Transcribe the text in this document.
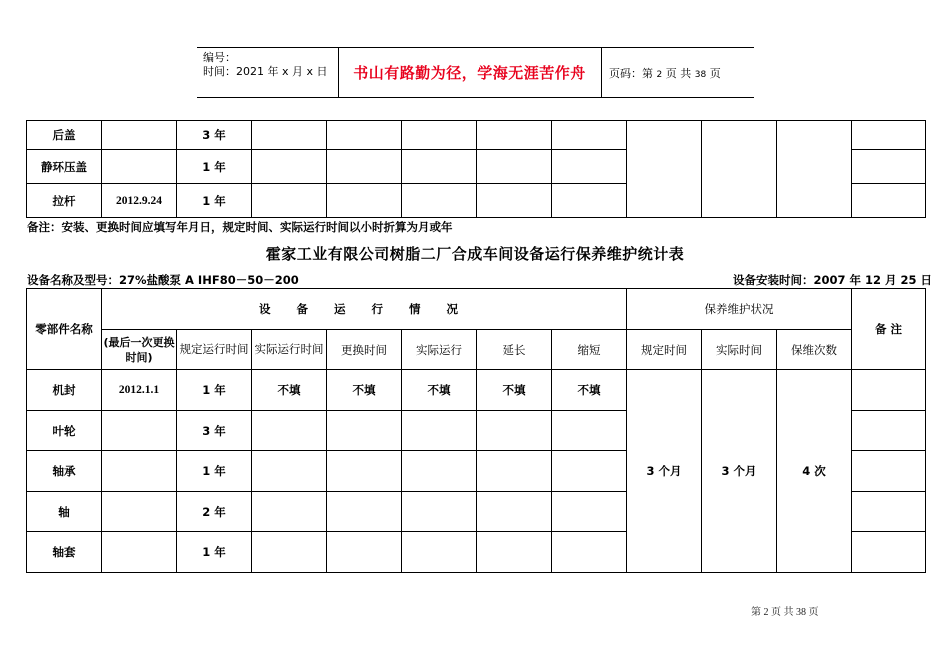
编号：
时间：2021 年 x 月 x 日 书山有路勤为径，学海无涯苦作舟	页码：第 2 页 共 38 页
后盖		3 年									
静环压盖		1 年									
拉杆	2012.9.24	1 年									
备注：安装、更换时间应填写年月日，规定时间、实际运行时间以小时折算为月或年
霍家工业有限公司树脂二厂合成车间设备运行保养维护统计表
设备名称及型号：27%盐酸泵 A IHF80－50－200	设备安装时间：2007 年 12 月 25 日
零部件名称	设 备 运 行 情 况							保养维护状况			备 注
	(最后一次更换时间)	规定运行时间	实际运行时间	更换时间	实际运行	延长	缩短	规定时间	实际时间	保维次数	
机封	2012.1.1	1 年	不填	不填	不填	不填	不填	3 个月	3 个月	4 次	
叶轮		3 年									
轴承		1 年									
轴		2 年									
轴套		1 年									
第 2 页 共 38 页
